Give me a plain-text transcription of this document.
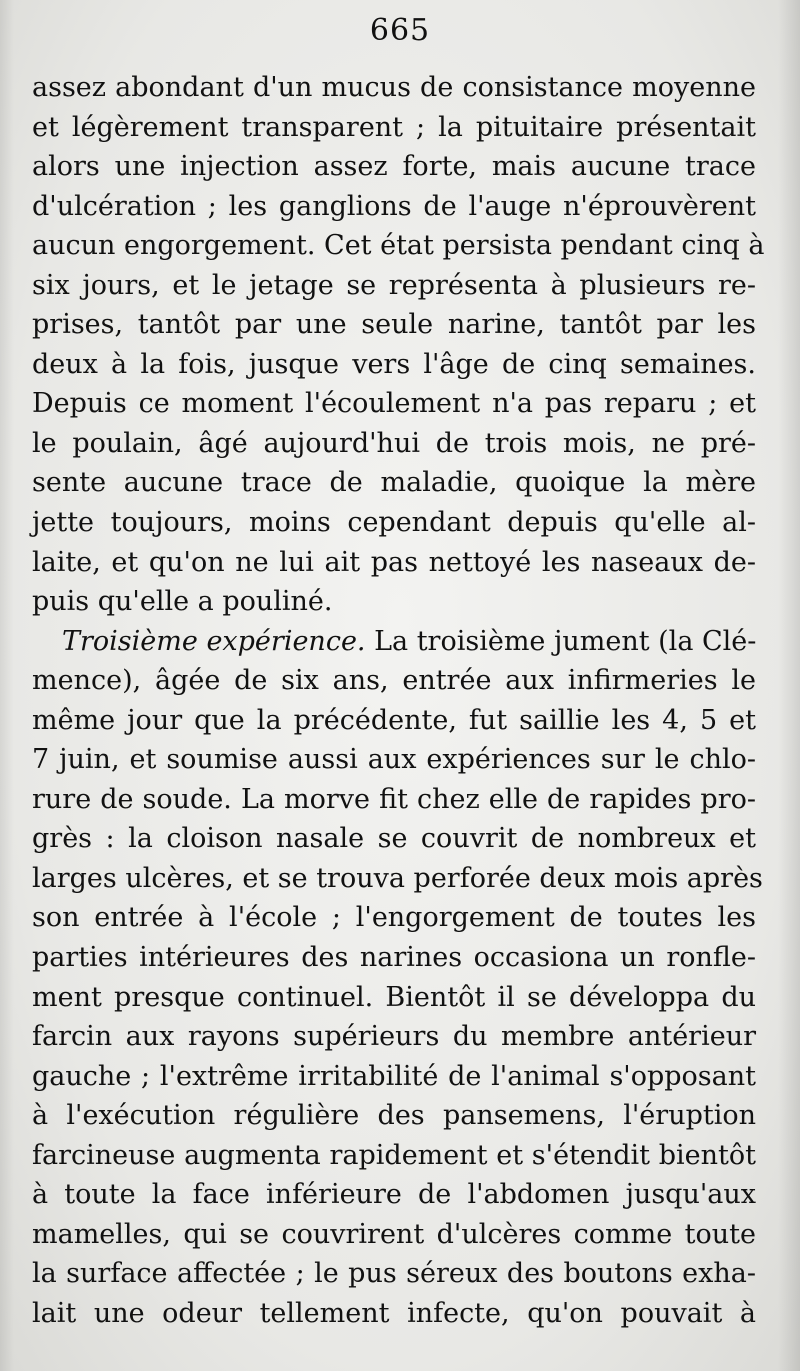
665
assez abondant d'un mucus de consistance moyenne
et légèrement transparent ; la pituitaire présentait
alors une injection assez forte, mais aucune trace
d'ulcération ; les ganglions de l'auge n'éprouvèrent
aucun engorgement. Cet état persista pendant cinq à
six jours, et le jetage se représenta à plusieurs re-
prises, tantôt par une seule narine, tantôt par les
deux à la fois, jusque vers l'âge de cinq semaines.
Depuis ce moment l'écoulement n'a pas reparu ; et
le poulain, âgé aujourd'hui de trois mois, ne pré-
sente aucune trace de maladie, quoique la mère
jette toujours, moins cependant depuis qu'elle al-
laite, et qu'on ne lui ait pas nettoyé les naseaux de-
puis qu'elle a pouliné.
Troisième expérience. La troisième jument (la Clé-
mence), âgée de six ans, entrée aux infirmeries le
même jour que la précédente, fut saillie les 4, 5 et
7 juin, et soumise aussi aux expériences sur le chlo-
rure de soude. La morve fit chez elle de rapides pro-
grès : la cloison nasale se couvrit de nombreux et
larges ulcères, et se trouva perforée deux mois après
son entrée à l'école ; l'engorgement de toutes les
parties intérieures des narines occasiona un ronfle-
ment presque continuel. Bientôt il se développa du
farcin aux rayons supérieurs du membre antérieur
gauche ; l'extrême irritabilité de l'animal s'opposant
à l'exécution régulière des pansemens, l'éruption
farcineuse augmenta rapidement et s'étendit bientôt
à toute la face inférieure de l'abdomen jusqu'aux
mamelles, qui se couvrirent d'ulcères comme toute
la surface affectée ; le pus séreux des boutons exha-
lait une odeur tellement infecte, qu'on pouvait à
